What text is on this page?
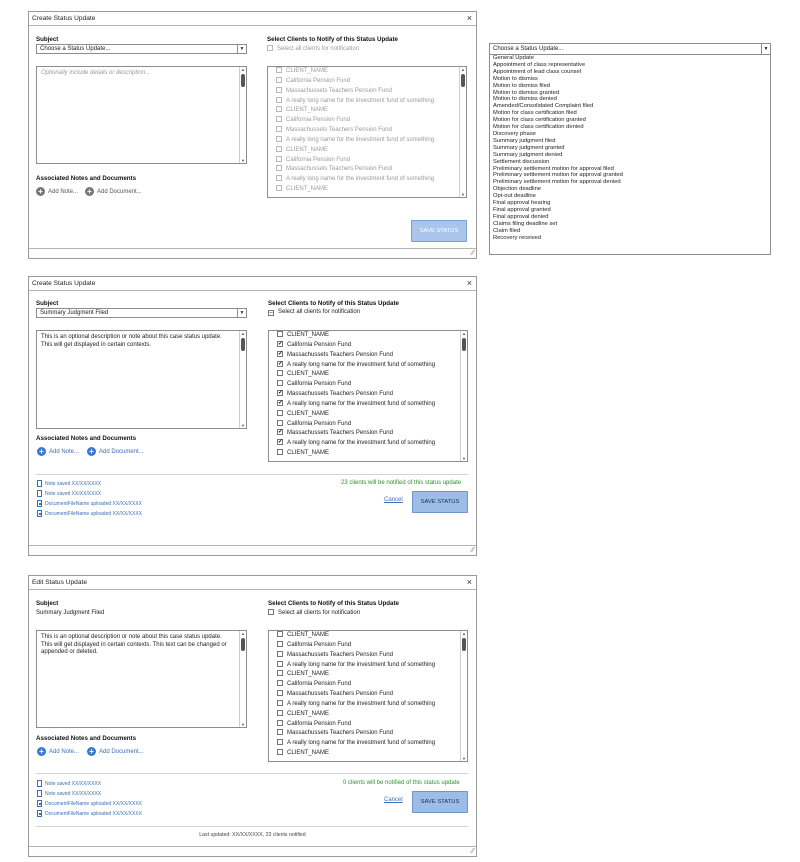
Create Status Update	×
Subject
Choose a Status Update...	▼
Optionally include details or description...
▲
▼
Associated Notes and Documents
+ Add Note... + Add Document...
Select Clients to Notify of this Status Update
Select all clients for notification
CLIENT_NAME
California Pension Fund
Massachussets Teachers Pension Fund
A really long name for the investment fund of something
CLIENT_NAME
California Pension Fund
Massachussets Teachers Pension Fund
A really long name for the investment fund of something
CLIENT_NAME
California Pension Fund
Massachussets Teachers Pension Fund
A really long name for the investment fund of something
CLIENT_NAME
▲
▼
SAVE STATUS
⁄⁄
Choose a Status Update...	▼
General Update
Appointment of class representative
Appointment of lead class counsel
Motion to dismiss
Motion to dismiss filed
Motion to dismiss granted
Motion to dismiss denied
Amended/Consolidated Complaint filed
Motion for class certification filed
Motion for class certification granted
Motion for class certification denied
Discovery phase
Summary judgment filed
Summary judgment granted
Summary judgment denied
Settlement discussion
Preliminary settlement motion for approval filed
Preliminary settlement motion for approval granted
Preliminary settlement motion for approval denied
Objection deadline
Opt-out deadline
Final approval hearing
Final approval granted
Final approval denied
Claims filing deadline set
Claim filed
Recovery received
Create Status Update	×
Subject
Summary Judgment Filed	▼
This is an optional description or note about this case status update. This will get displayed in certain contexts.
▲
▼
Associated Notes and Documents
+ Add Note... + Add Document...
Select Clients to Notify of this Status Update
– Select all clients for notification
CLIENT_NAME
✓California Pension Fund
✓Massachussets Teachers Pension Fund
✓A really long name for the investment fund of something
CLIENT_NAME
California Pension Fund
✓Massachussets Teachers Pension Fund
✓A really long name for the investment fund of something
CLIENT_NAME
California Pension Fund
✓Massachussets Teachers Pension Fund
✓A really long name for the investment fund of something
CLIENT_NAME
▲
▼
Note saved XX/XX/XXXX
Note saved XX/XX/XXXX
DocumentFileName uploaded XX/XX/XXXX
DocumentFileName uploaded XX/XX/XXXX
23 clients will be notified of this status update
Cancel	SAVE STATUS
⁄⁄
Edit Status Update	×
Subject
Summary Judgment Filed
This is an optional description or note about this case status update. This will get displayed in certain contexts. This text can be changed or appended or deleted.
▲
▼
Associated Notes and Documents
+ Add Note... + Add Document...
Select Clients to Notify of this Status Update
Select all clients for notification
CLIENT_NAME
California Pension Fund
Massachussets Teachers Pension Fund
A really long name for the investment fund of something
CLIENT_NAME
California Pension Fund
Massachussets Teachers Pension Fund
A really long name for the investment fund of something
CLIENT_NAME
California Pension Fund
Massachussets Teachers Pension Fund
A really long name for the investment fund of something
CLIENT_NAME
▲
▼
Note saved XX/XX/XXXX
Note saved XX/XX/XXXX
DocumentFileName uploaded XX/XX/XXXX
DocumentFileName uploaded XX/XX/XXXX
0 clients will be notified of this status update
Cancel	SAVE STATUS
Last updated: XX/XX/XXXX, 23 clients notified
⁄⁄
